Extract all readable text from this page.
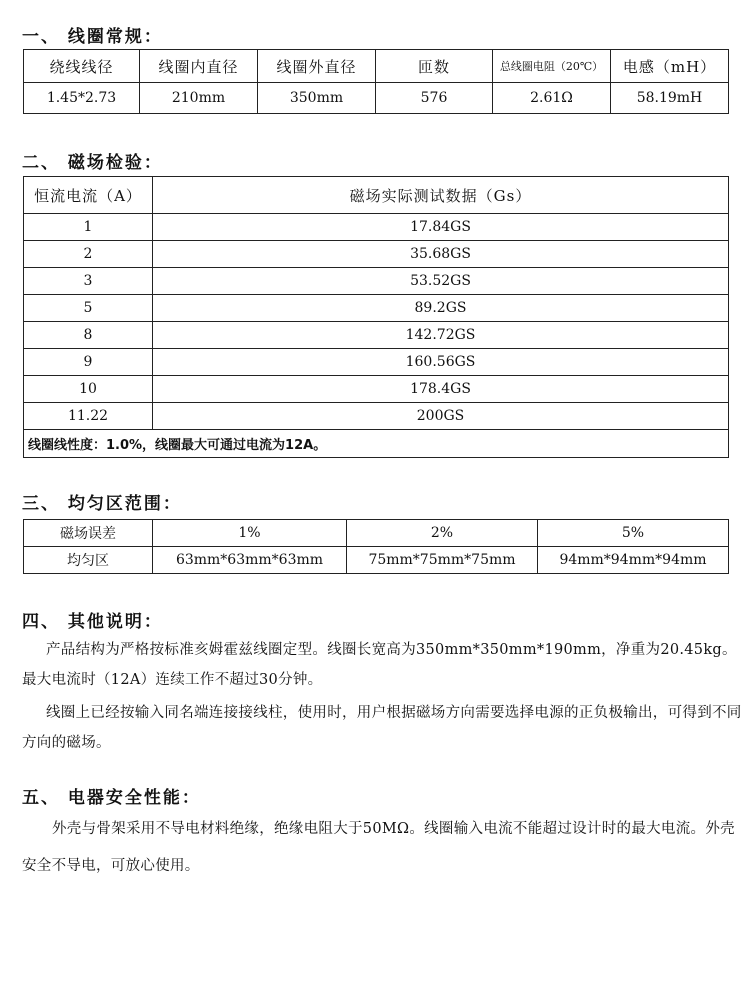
一、 线圈常规：
绕线线径	线圈内直径	线圈外直径	匝数	总线圈电阻（20℃）	电感（mH）
1.45*2.73	210mm	350mm	576	2.61Ω	58.19mH
二、 磁场检验：
恒流电流（A）	磁场实际测试数据（Gs）
1	17.84GS
2	35.68GS
3	53.52GS
5	89.2GS
8	142.72GS
9	160.56GS
10	178.4GS
11.22	200GS
线圈线性度：1.0%，线圈最大可通过电流为12A。	
三、 均匀区范围：
磁场误差	1%	2%	5%
均匀区	63mm*63mm*63mm	75mm*75mm*75mm	94mm*94mm*94mm
四、 其他说明：

产品结构为严格按标准亥姆霍兹线圈定型。线圈长宽高为350mm*350mm*190mm，净重为20.45kg。最大电流时（12A）连续工作不超过30分钟。

线圈上已经按输入同名端连接接线柱，使用时，用户根据磁场方向需要选择电源的正负极输出，可得到不同方向的磁场。

五、 电器安全性能：

外壳与骨架采用不导电材料绝缘，绝缘电阻大于50MΩ。线圈输入电流不能超过设计时的最大电流。外壳安全不导电，可放心使用。
